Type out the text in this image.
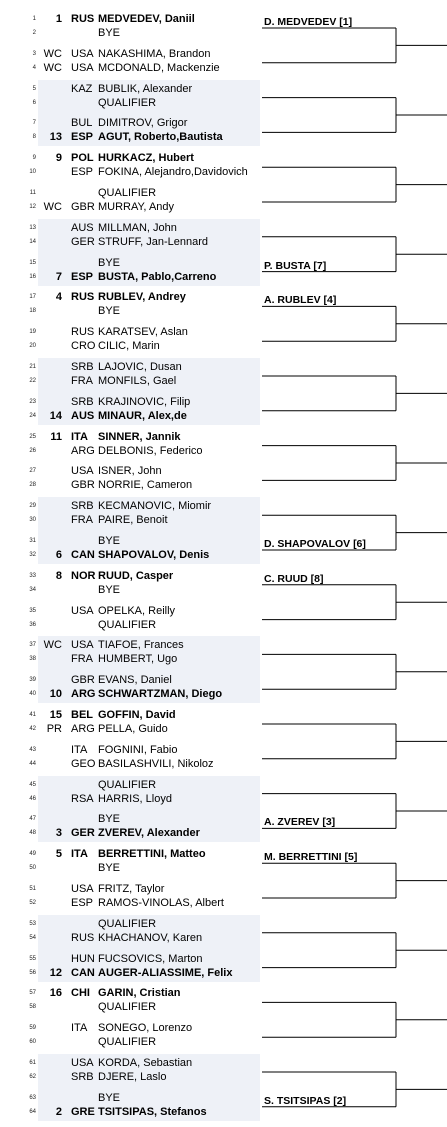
1	1 RUS MEDVEDEV, Daniil
2	BYE
3 WC USA NAKASHIMA, Brandon
4 WC USA MCDONALD, Mackenzie
5	KAZ BUBLIK, Alexander
6	QUALIFIER
7	BUL DIMITROV, Grigor
8	13 ESP AGUT, Roberto,Bautista
9	9 POL HURKACZ, Hubert
10	ESP FOKINA, Alejandro,Davidovich
11	QUALIFIER
12 WC GBR MURRAY, Andy
13	AUS MILLMAN, John
14	GER STRUFF, Jan-Lennard
15	BYE
16	7 ESP BUSTA, Pablo,Carreno
17	4 RUS RUBLEV, Andrey
18	BYE
19	RUS KARATSEV, Aslan
20	CRO CILIC, Marin
21	SRB LAJOVIC, Dusan
22	FRA MONFILS, Gael
23	SRB KRAJINOVIC, Filip
24	14 AUS MINAUR, Alex,de
25	11 ITA SINNER, Jannik
26	ARG DELBONIS, Federico
27	USA ISNER, John
28	GBR NORRIE, Cameron
29	SRB KECMANOVIC, Miomir
30	FRA PAIRE, Benoit
31	BYE
32	6 CAN SHAPOVALOV, Denis
33	8 NOR RUUD, Casper
34	BYE
35	USA OPELKA, Reilly
36	QUALIFIER
37 WC USA TIAFOE, Frances
38	FRA HUMBERT, Ugo
39	GBR EVANS, Daniel
40	10 ARG SCHWARTZMAN, Diego
41	15 BEL GOFFIN, David
42 PR ARG PELLA, Guido
43	ITA FOGNINI, Fabio
44	GEO BASILASHVILI, Nikoloz
45	QUALIFIER
46	RSA HARRIS, Lloyd
47	BYE
48	3 GER ZVEREV, Alexander
49	5 ITA BERRETTINI, Matteo
50	BYE
51	USA FRITZ, Taylor
52	ESP RAMOS-VINOLAS, Albert
53	QUALIFIER
54	RUS KHACHANOV, Karen
55	HUN FUCSOVICS, Marton
56	12 CAN AUGER-ALIASSIME, Felix
57	16 CHI GARIN, Cristian
58	QUALIFIER
59	ITA SONEGO, Lorenzo
60	QUALIFIER
61	USA KORDA, Sebastian
62	SRB DJERE, Laslo
63	BYE
64	2 GRE TSITSIPAS, Stefanos
D. MEDVEDEV [1]
P. BUSTA [7]
A. RUBLEV [4]
D. SHAPOVALOV [6]
C. RUUD [8]
A. ZVEREV [3]
M. BERRETTINI [5]
S. TSITSIPAS [2]
